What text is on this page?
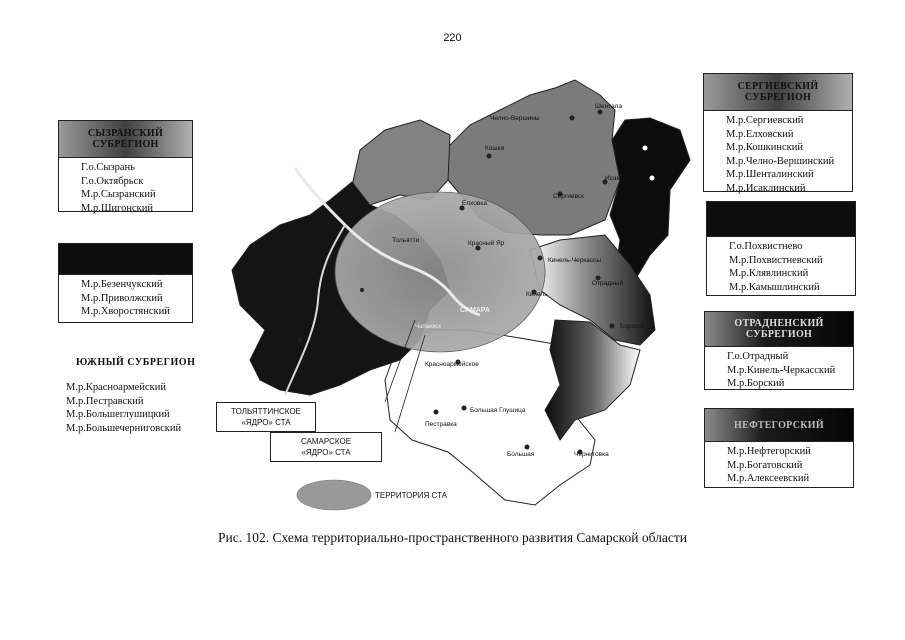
220
СЫЗРАНСКИЙ
СУБРЕГИОН
Г.о.Сызрань
Г.о.Октябрьск
М.р.Сызранский
М.р.Шигонский
М.р.Безенчукский
М.р.Приволжский
М.р.Хворостянский
ЮЖНЫЙ СУБРЕГИОН
М.р.Красноармейский
М.р.Пестравский
М.р.Большеглушицкий
М.р.Большечерниговский
СЕРГИЕВСКИЙ
СУБРЕГИОН
М.р.Сергиевский
М.р.Елховский
М.р.Кошкинский
М.р.Челно-Вершинский
М.р.Шенталинский
М.р.Исаклинский
Г.о.Похвистнево
М.р.Похвистневский
М.р.Клявлинский
М.р.Камышлинский
ОТРАДНЕНСКИЙ
СУБРЕГИОН
Г.о.Отрадный
М.р.Кинель-Черкасский
М.р.Борский
НЕФТЕГОРСКИЙ
М.р.Нефтегорский
М.р.Богатовский
М.р.Алексеевский
Челно-Вершины
Шентала
Кошки
Исаклы
Елховка
Сергиевск
Тольятти	Красный Яр
Кинель-Черкассы
Отрадный
Кинель
Борское
Красноармейское
Большая Глушица
Пестравка
Большая	Черниговка
САМАРА
Чапаевск
ТЕРРИТОРИЯ СТА
ТОЛЬЯТТИНСКОЕ
«ЯДРО» СТА
САМАРСКОЕ
«ЯДРО» СТА
Рис. 102. Схема территориально-пространственного развития Самарской области
